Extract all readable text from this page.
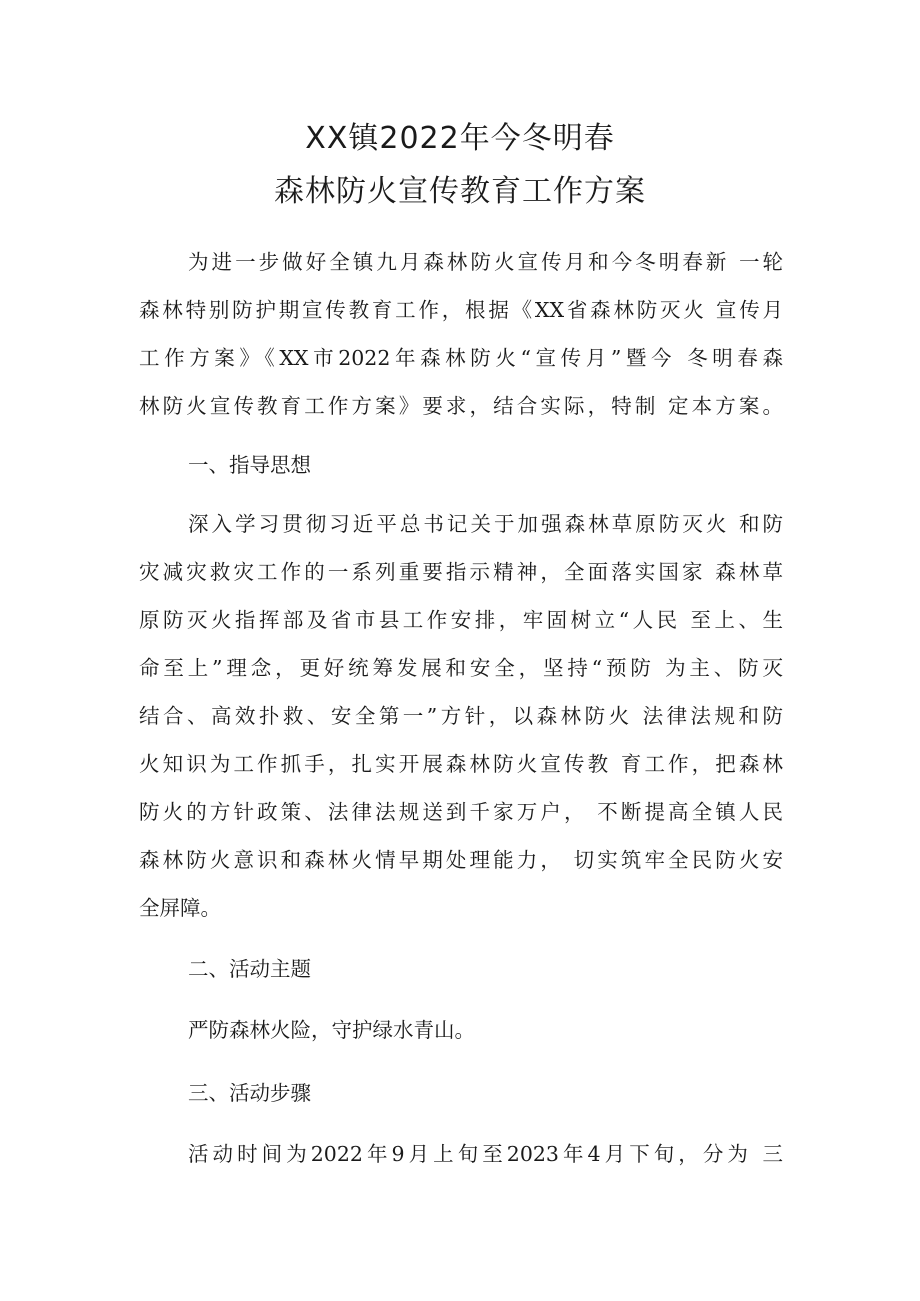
XX镇2022年今冬明春
森林防火宣传教育工作方案

为进一步做好全镇九月森林防火宣传月和今冬明春新 一轮

森林特别防护期宣传教育工作，根据《XX省森林防灭火 宣传月

工作方案》《XX市2022年森林防火“宣传月”暨今 冬明春森

林防火宣传教育工作方案》要求，结合实际，特制 定本方案。

一、指导思想

深入学习贯彻习近平总书记关于加强森林草原防灭火 和防

灾减灾救灾工作的一系列重要指示精神，全面落实国家 森林草

原防灭火指挥部及省市县工作安排，牢固树立“人民 至上、生

命至上”理念，更好统筹发展和安全，坚持“预防 为主、防灭

结合、高效扑救、安全第一”方针，以森林防火 法律法规和防

火知识为工作抓手，扎实开展森林防火宣传教 育工作，把森林

防火的方针政策、法律法规送到千家万户， 不断提高全镇人民

森林防火意识和森林火情早期处理能力， 切实筑牢全民防火安

全屏障。

二、活动主题

严防森林火险，守护绿水青山。

三、活动步骤

活动时间为2022年9月上旬至2023年4月下旬，分为 三
